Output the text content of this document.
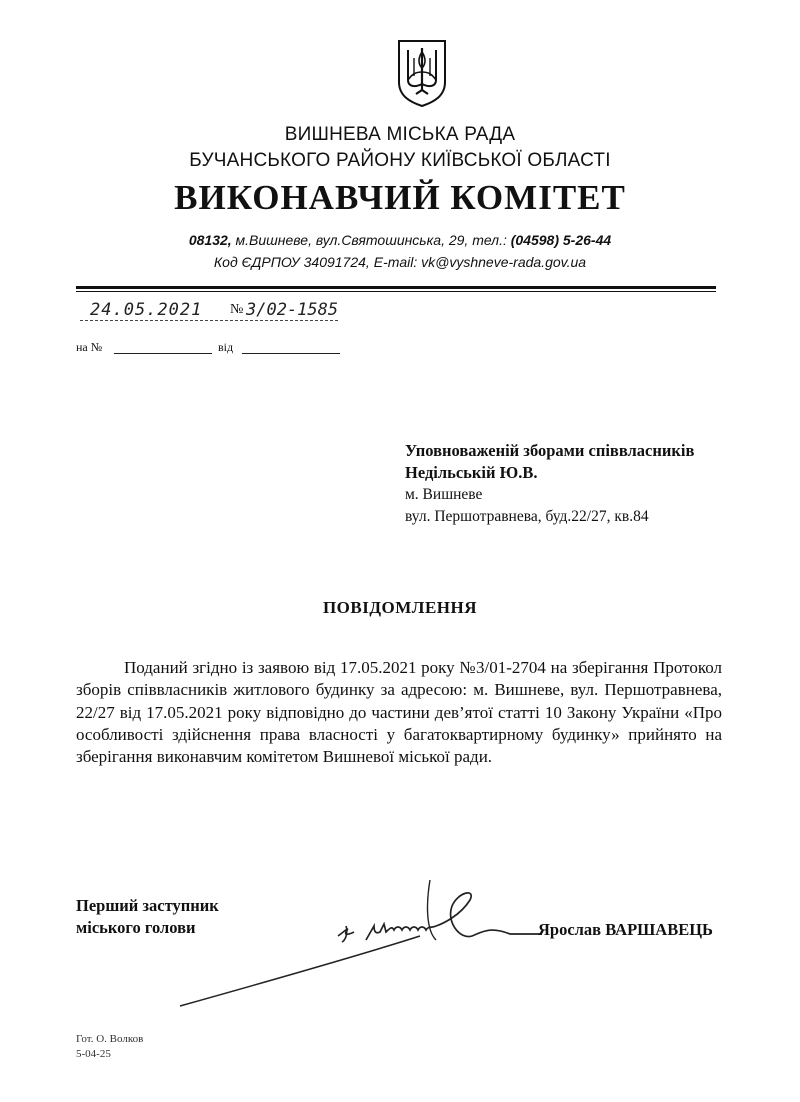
ВИШНЕВА МІСЬКА РАДА
БУЧАНСЬКОГО РАЙОНУ КИЇВСЬКОЇ ОБЛАСТІ
ВИКОНАВЧИЙ КОМІТЕТ
08132, м.Вишневе, вул.Святошинська, 29, тел.: (04598) 5-26-44
Код ЄДРПОУ 34091724, E-mail: vk@vyshneve-rada.gov.ua
24.05.2021 № 3/02-1585
на №	від
Уповноваженій зборами співвласників
Недільській Ю.В.
м. Вишневе
вул. Першотравнева, буд.22/27, кв.84
ПОВІДОМЛЕННЯ
Поданий згідно із заявою від 17.05.2021 року №3/01-2704 на зберігання Протокол зборів співвласників житлового будинку за адресою: м. Вишневе, вул. Першотравнева, 22/27 від 17.05.2021 року відповідно до частини дев’ятої статті 10 Закону України «Про особливості здійснення права власності у багатоквартирному будинку» прийнято на зберігання виконавчим комітетом Вишневої міської ради.
Перший заступник
міського голови	Ярослав ВАРШАВЕЦЬ
Гот. О. Волков
5-04-25
